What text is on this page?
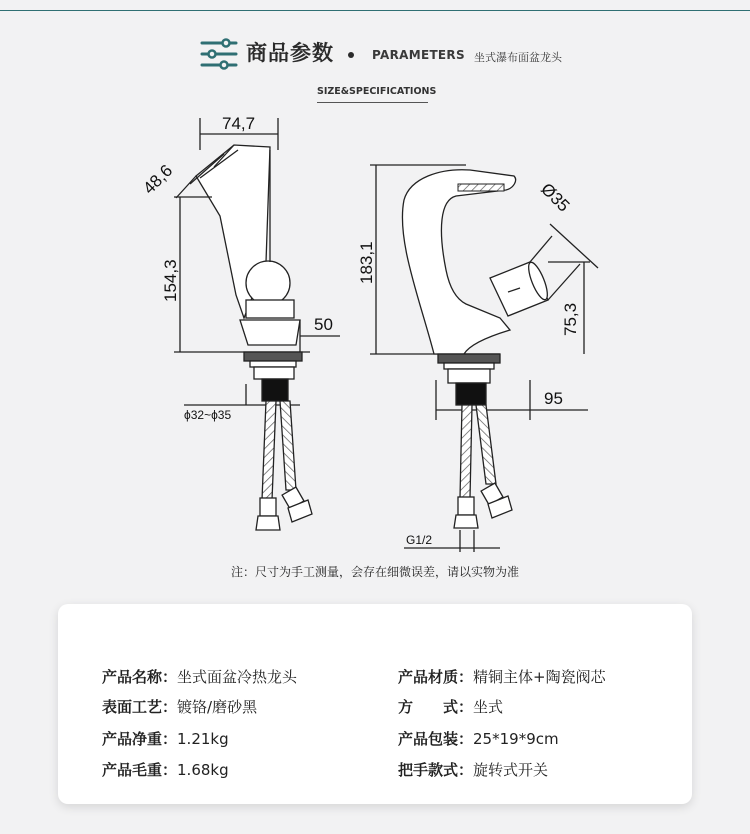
商品参数	PARAMETERS 坐式瀑布面盆龙头
SIZE&SPECIFICATIONS
74,7
48,6
154,3
50
ϕ32~ϕ35
183,1
Ø35
75,3
95
G1/2
注：尺寸为手工测量，会存在细微误差，请以实物为准
产品名称：坐式面盆冷热龙头
表面工艺：镀铬/磨砂黑
产品净重：1.21kg
产品毛重：1.68kg
产品材质：精铜主体+陶瓷阀芯
方　　式：坐式
产品包装：25*19*9cm
把手款式：旋转式开关
